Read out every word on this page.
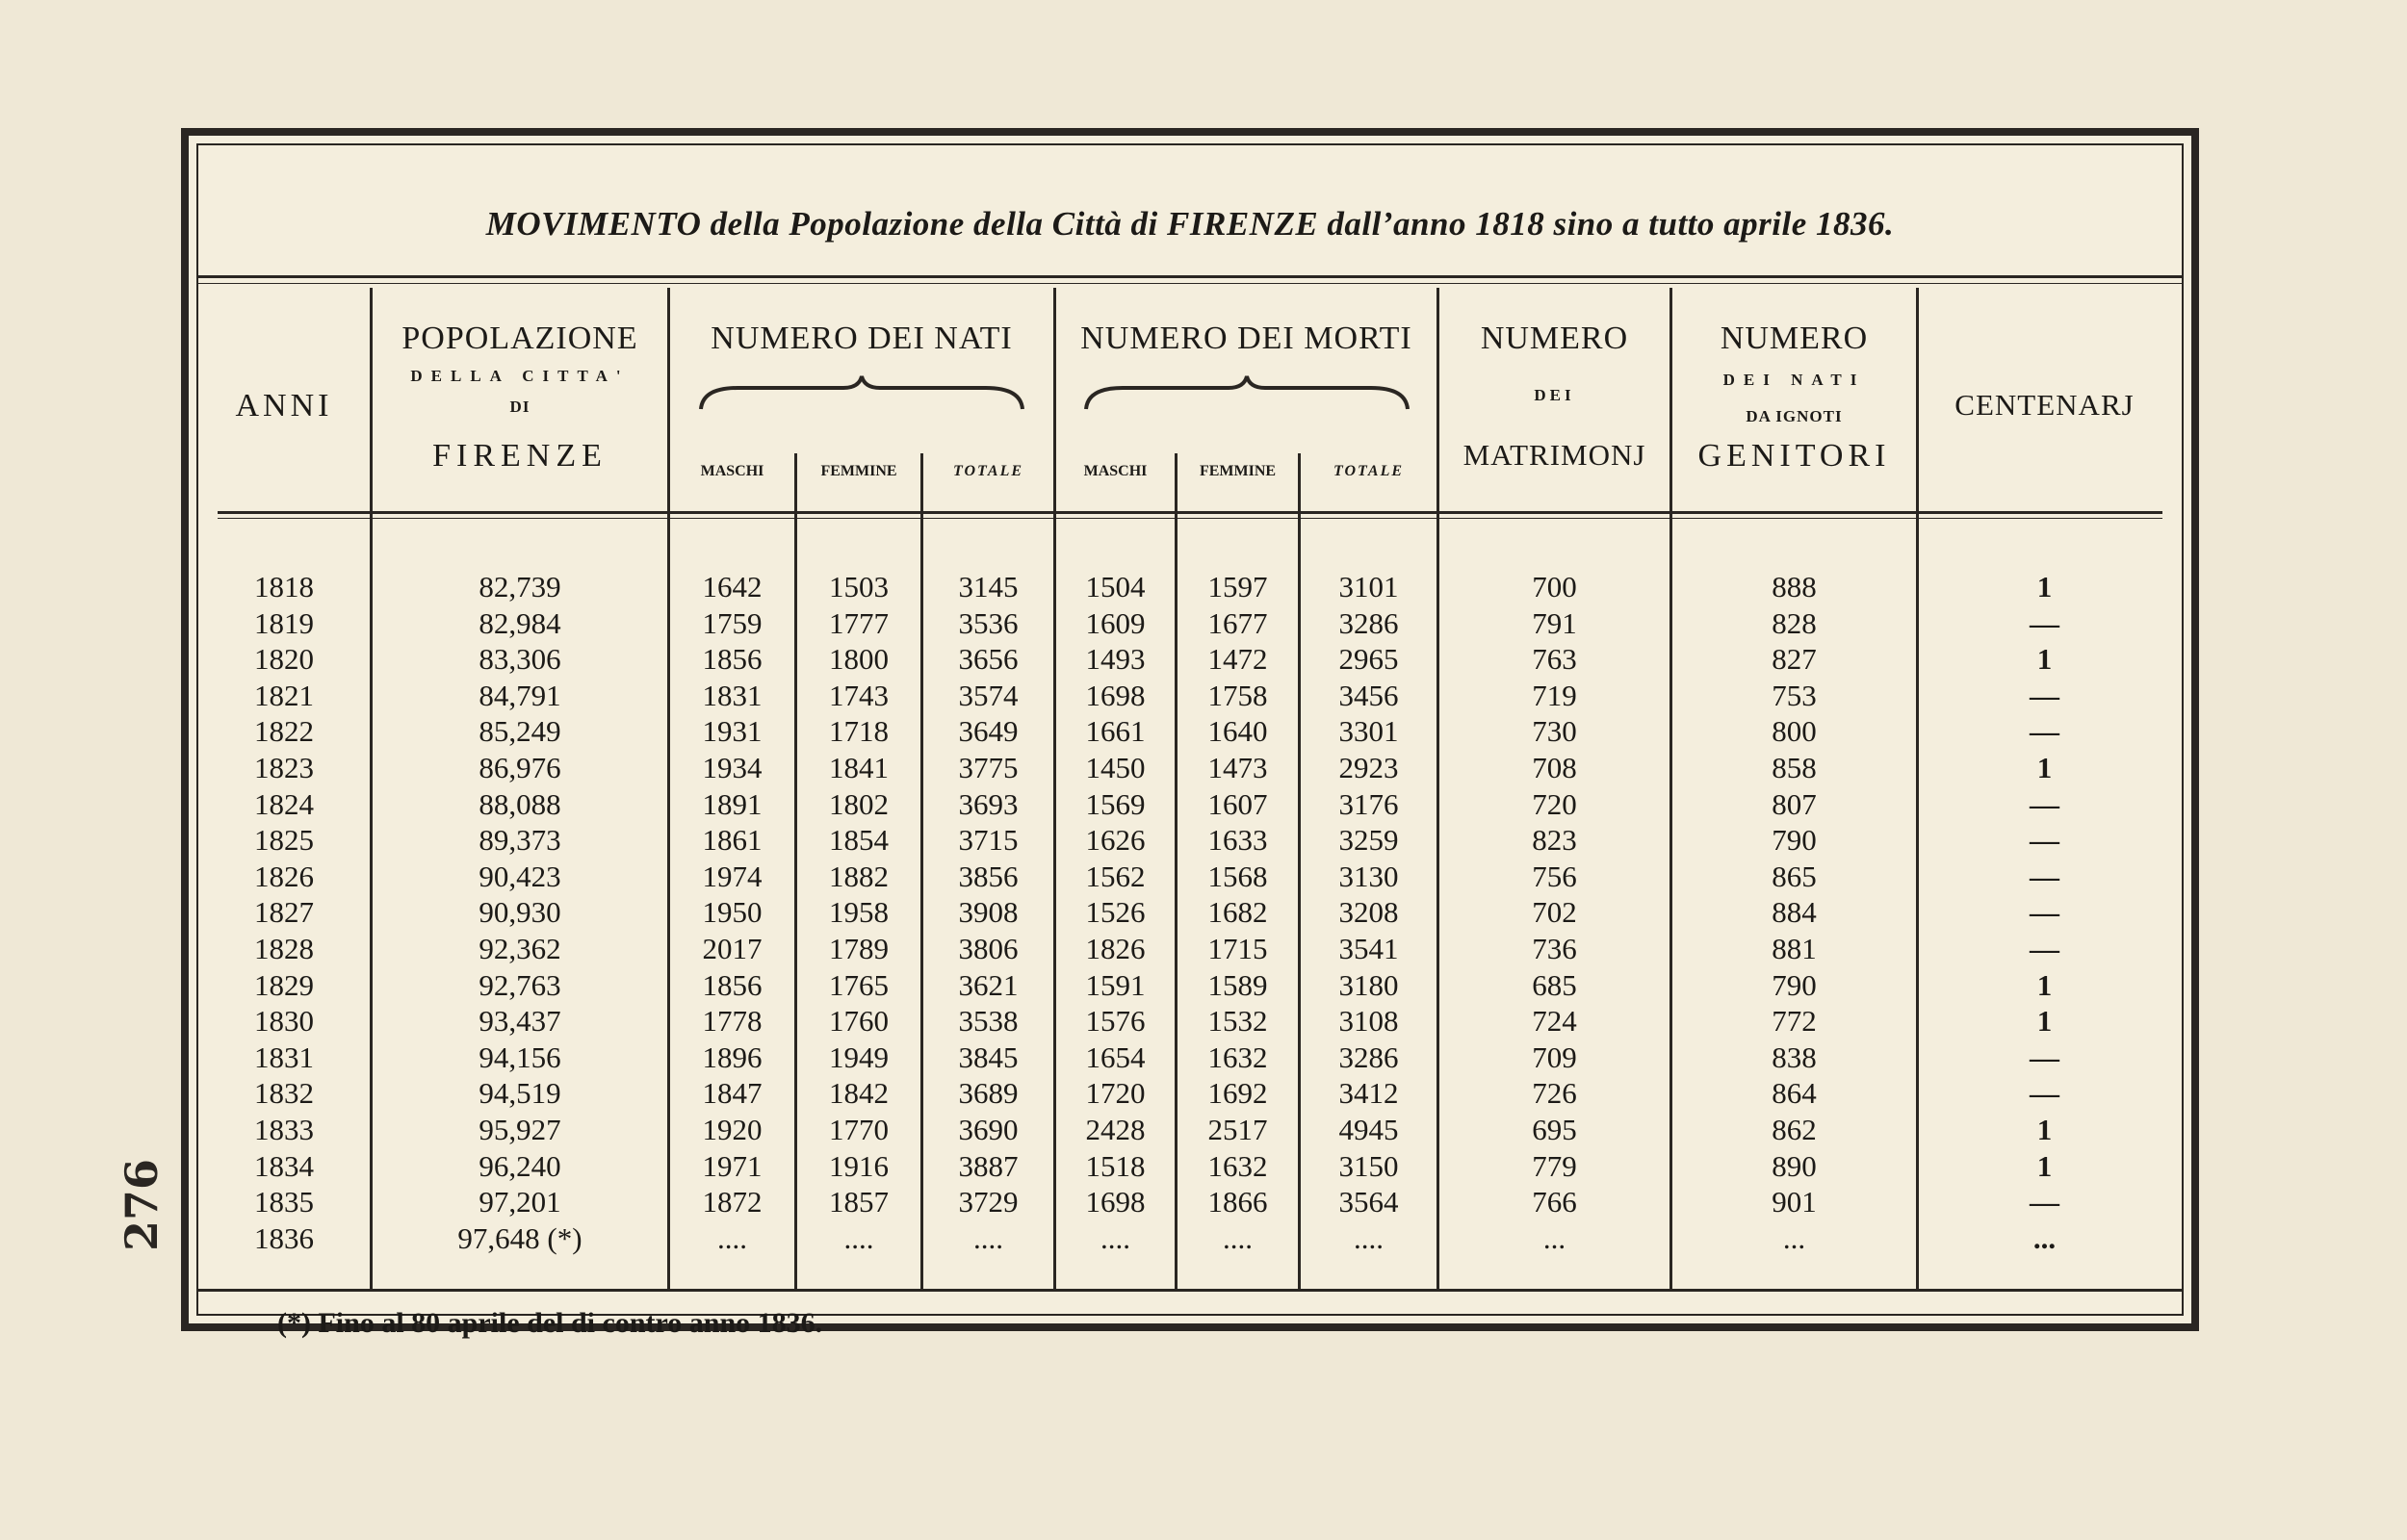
MOVIMENTO della Popolazione della Città di FIRENZE dall’anno 1818 sino a tutto aprile 1836.
ANNI
POPOLAZIONE
DELLA CITTA'
DI
FIRENZE
NUMERO DEI NATI
MASCHI	FEMMINE	TOTALE
NUMERO DEI MORTI
MASCHI	FEMMINE	TOTALE
NUMERO
DEI
MATRIMONJ
NUMERO
DEI NATI
DA IGNOTI
GENITORI
CENTENARJ
1818	82,739	1642	1503	3145	1504	1597	3101	700	888	1
1819	82,984	1759	1777	3536	1609	1677	3286	791	828	—
1820	83,306	1856	1800	3656	1493	1472	2965	763	827	1
1821	84,791	1831	1743	3574	1698	1758	3456	719	753	—
1822	85,249	1931	1718	3649	1661	1640	3301	730	800	—
1823	86,976	1934	1841	3775	1450	1473	2923	708	858	1
1824	88,088	1891	1802	3693	1569	1607	3176	720	807	—
1825	89,373	1861	1854	3715	1626	1633	3259	823	790	—
1826	90,423	1974	1882	3856	1562	1568	3130	756	865	—
1827	90,930	1950	1958	3908	1526	1682	3208	702	884	—
1828	92,362	2017	1789	3806	1826	1715	3541	736	881	—
1829	92,763	1856	1765	3621	1591	1589	3180	685	790	1
1830	93,437	1778	1760	3538	1576	1532	3108	724	772	1
1831	94,156	1896	1949	3845	1654	1632	3286	709	838	—
1832	94,519	1847	1842	3689	1720	1692	3412	726	864	—
1833	95,927	1920	1770	3690	2428	2517	4945	695	862	1
1834	96,240	1971	1916	3887	1518	1632	3150	779	890	1
1835	97,201	1872	1857	3729	1698	1866	3564	766	901	—
1836	97,648 (*)	....	....	....	....	....	....	...	...	...
(*) Fino al 80 aprile del di contro anno 1836.
276
